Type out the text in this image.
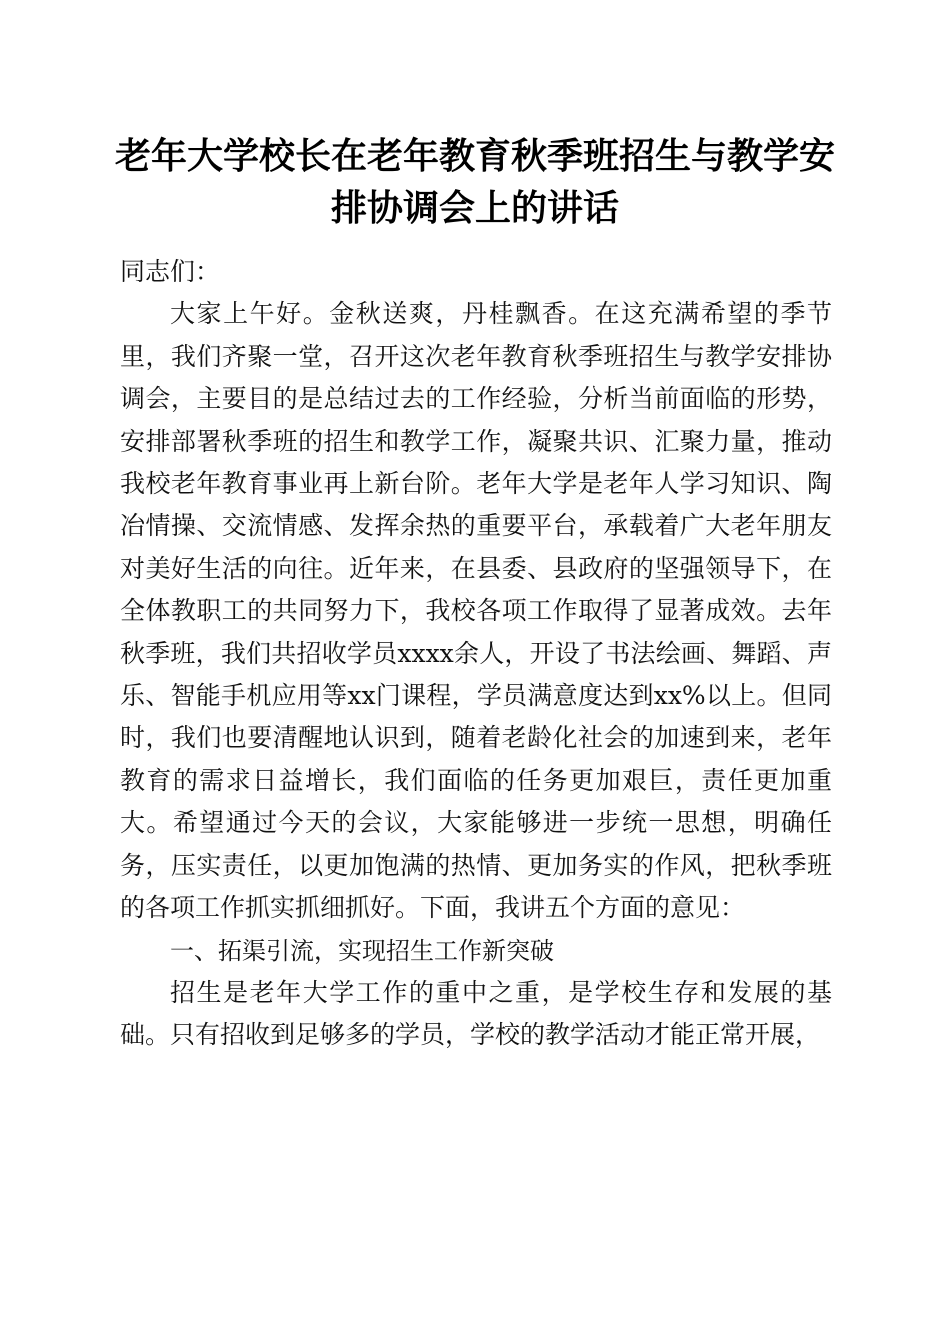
老年大学校长在老年教育秋季班招生与教学安排协调会上的讲话

同志们：

大家上午好。金秋送爽，丹桂飘香。在这充满希望的季节里，我们齐聚一堂，召开这次老年教育秋季班招生与教学安排协调会，主要目的是总结过去的工作经验，分析当前面临的形势，安排部署秋季班的招生和教学工作，凝聚共识、汇聚力量，推动我校老年教育事业再上新台阶。老年大学是老年人学习知识、陶冶情操、交流情感、发挥余热的重要平台，承载着广大老年朋友对美好生活的向往。近年来，在县委、县政府的坚强领导下，在全体教职工的共同努力下，我校各项工作取得了显著成效。去年秋季班，我们共招收学员xxxx余人，开设了书法绘画、舞蹈、声乐、智能手机应用等xx门课程，学员满意度达到xx%以上。但同时，我们也要清醒地认识到，随着老龄化社会的加速到来，老年教育的需求日益增长，我们面临的任务更加艰巨，责任更加重大。希望通过今天的会议，大家能够进一步统一思想，明确任务，压实责任，以更加饱满的热情、更加务实的作风，把秋季班的各项工作抓实抓细抓好。下面，我讲五个方面的意见：

一、拓渠引流，实现招生工作新突破

招生是老年大学工作的重中之重，是学校生存和发展的基础。只有招收到足够多的学员，学校的教学活动才能正常开展，
